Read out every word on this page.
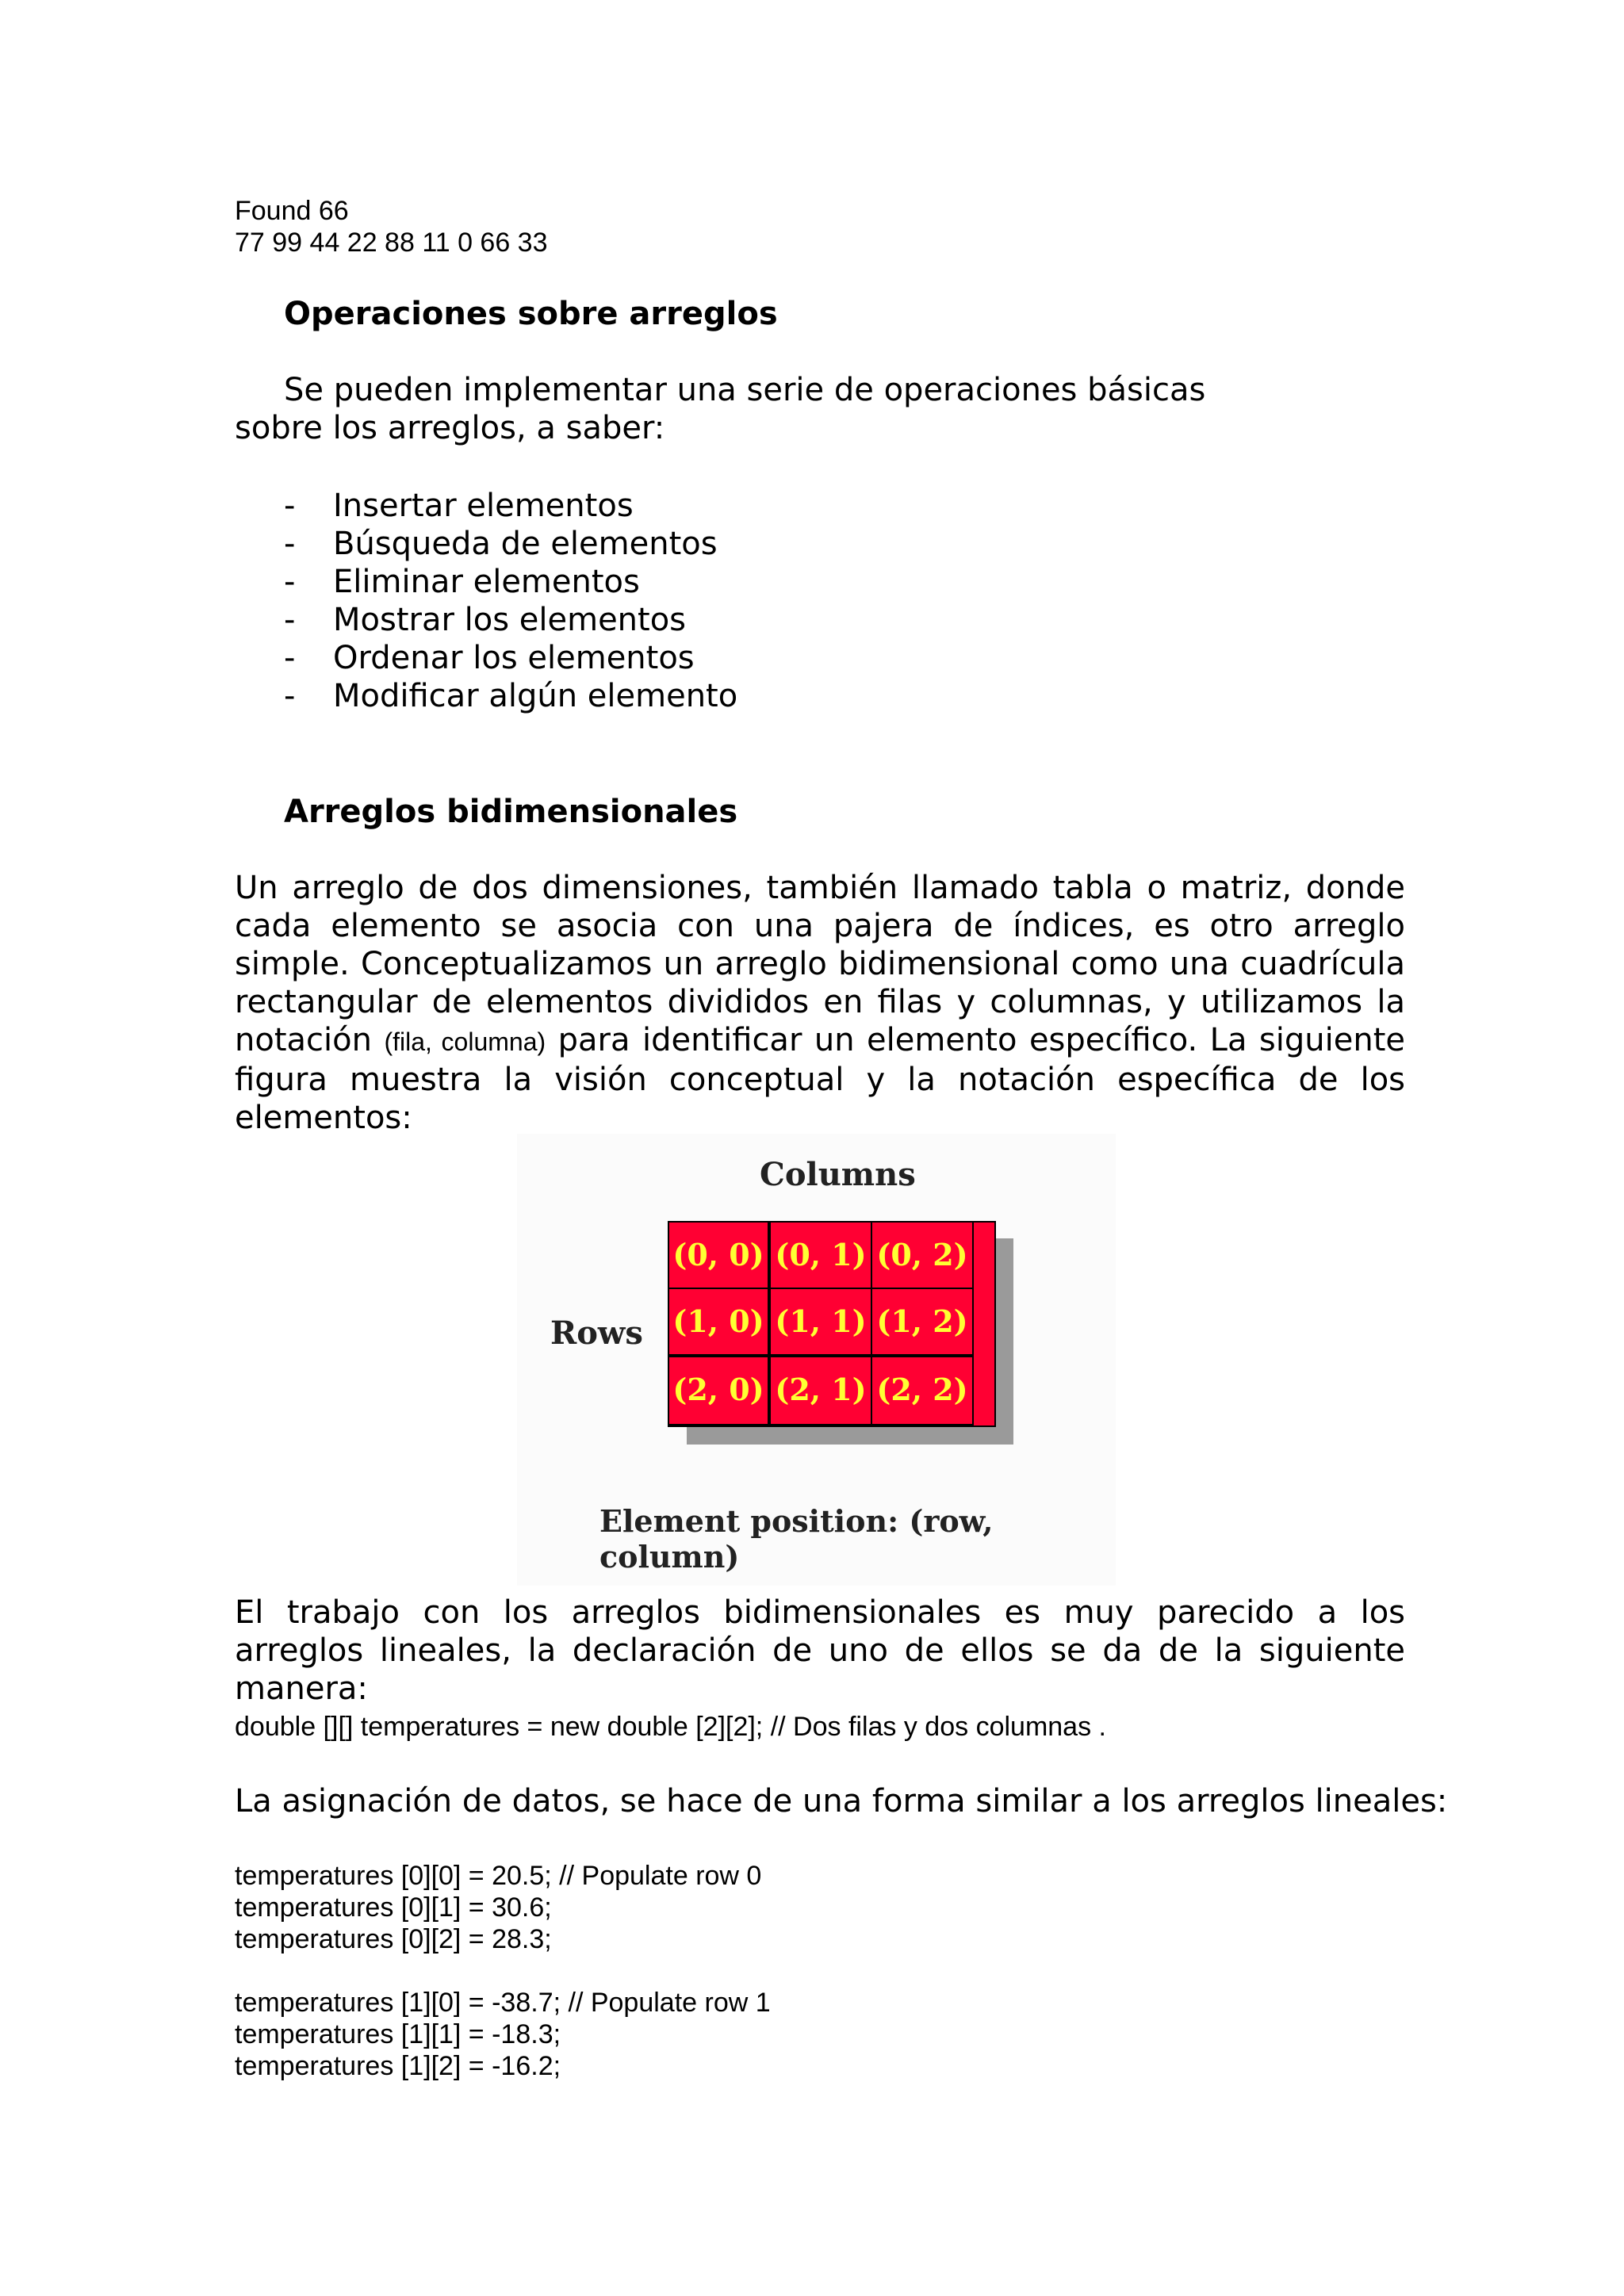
Found 66
77 99 44 22 88 11 0 66 33
Operaciones sobre arreglos
Se pueden implementar una serie de operaciones básicas sobre los arreglos, a saber:
- Insertar elementos
- Búsqueda de elementos
- Eliminar elementos
- Mostrar los elementos
- Ordenar los elementos
- Modificar algún elemento
Arreglos bidimensionales
Un arreglo de dos dimensiones, también llamado tabla o matriz, donde cada elemento se asocia con una pajera de índices, es otro arreglo simple. Conceptualizamos un arreglo bidimensional como una cuadrícula rectangular de elementos divididos en filas y columnas, y utilizamos la notación (fila, columna) para identificar un elemento específico. La siguiente figura muestra la visión conceptual y la notación específica de los elementos:
Columns
Rows
(0, 0) (0, 1) (0, 2)
(1, 0) (1, 1) (1, 2)
(2, 0) (2, 1) (2, 2)
Element position: (row, column)
El trabajo con los arreglos bidimensionales es muy parecido a los arreglos lineales, la declaración de uno de ellos se da de la siguiente manera:
double [][] temperatures = new double [2][2]; // Dos filas y dos columnas .
La asignación de datos, se hace de una forma similar a los arreglos lineales:
temperatures [0][0] = 20.5; // Populate row 0
temperatures [0][1] = 30.6;
temperatures [0][2] = 28.3;
temperatures [1][0] = -38.7; // Populate row 1
temperatures [1][1] = -18.3;
temperatures [1][2] = -16.2;
